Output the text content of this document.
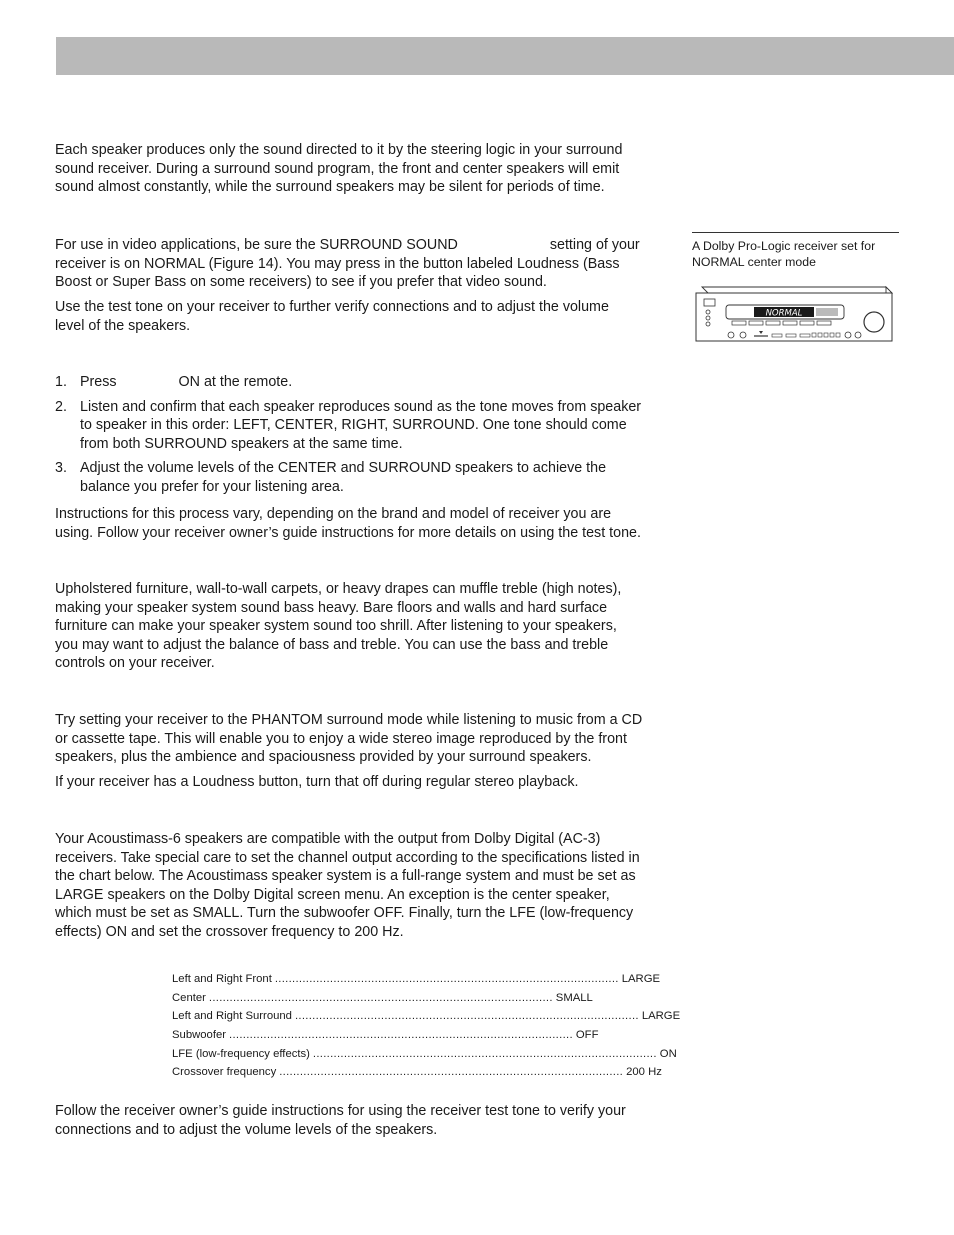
Each speaker produces only the sound directed to it by the steering logic in your surround
sound receiver. During a surround sound program, the front and center speakers will emit
sound almost constantly, while the surround speakers may be silent for periods of time.

For use in video applications, be sure the SURROUND SOUND	setting of your
receiver is on NORMAL (Figure 14). You may press in the button labeled Loudness (Bass
Boost or Super Bass on some receivers) to see if you prefer that video sound.

Use the test tone on your receiver to further verify connections and to adjust the volume
level of the speakers.

1. Press	ON at the remote.
2. Listen and confirm that each speaker reproduces sound as the tone moves from speaker
to speaker in this order: LEFT, CENTER, RIGHT, SURROUND. One tone should come
from both SURROUND speakers at the same time.
3. Adjust the volume levels of the CENTER and SURROUND speakers to achieve the
balance you prefer for your listening area.

Instructions for this process vary, depending on the brand and model of receiver you are
using. Follow your receiver owner’s guide instructions for more details on using the test tone.

Upholstered furniture, wall-to-wall carpets, or heavy drapes can muffle treble (high notes),
making your speaker system sound bass heavy. Bare floors and walls and hard surface
furniture can make your speaker system sound too shrill. After listening to your speakers,
you may want to adjust the balance of bass and treble. You can use the bass and treble
controls on your receiver.

Try setting your receiver to the PHANTOM surround mode while listening to music from a CD
or cassette tape. This will enable you to enjoy a wide stereo image reproduced by the front
speakers, plus the ambience and spaciousness provided by your surround speakers.

If your receiver has a Loudness button, turn that off during regular stereo playback.

Your Acoustimass-6 speakers are compatible with the output from Dolby Digital (AC-3)
receivers. Take special care to set the channel output according to the specifications listed in
the chart below. The Acoustimass speaker system is a full-range system and must be set as
LARGE speakers on the Dolby Digital screen menu. An exception is the center speaker,
which must be set as SMALL. Turn the subwoofer OFF. Finally, turn the LFE (low-frequency
effects) ON and set the crossover frequency to 200 Hz.

Left and Right Front .................................................................................................... LARGE
Center .................................................................................................... SMALL
Left and Right Surround .................................................................................................... LARGE
Subwoofer .................................................................................................... OFF
LFE (low-frequency effects) .................................................................................................... ON
Crossover frequency .................................................................................................... 200 Hz

Follow the receiver owner’s guide instructions for using the receiver test tone to verify your
connections and to adjust the volume levels of the speakers.

A Dolby Pro-Logic receiver set for
NORMAL center mode
NORMAL
